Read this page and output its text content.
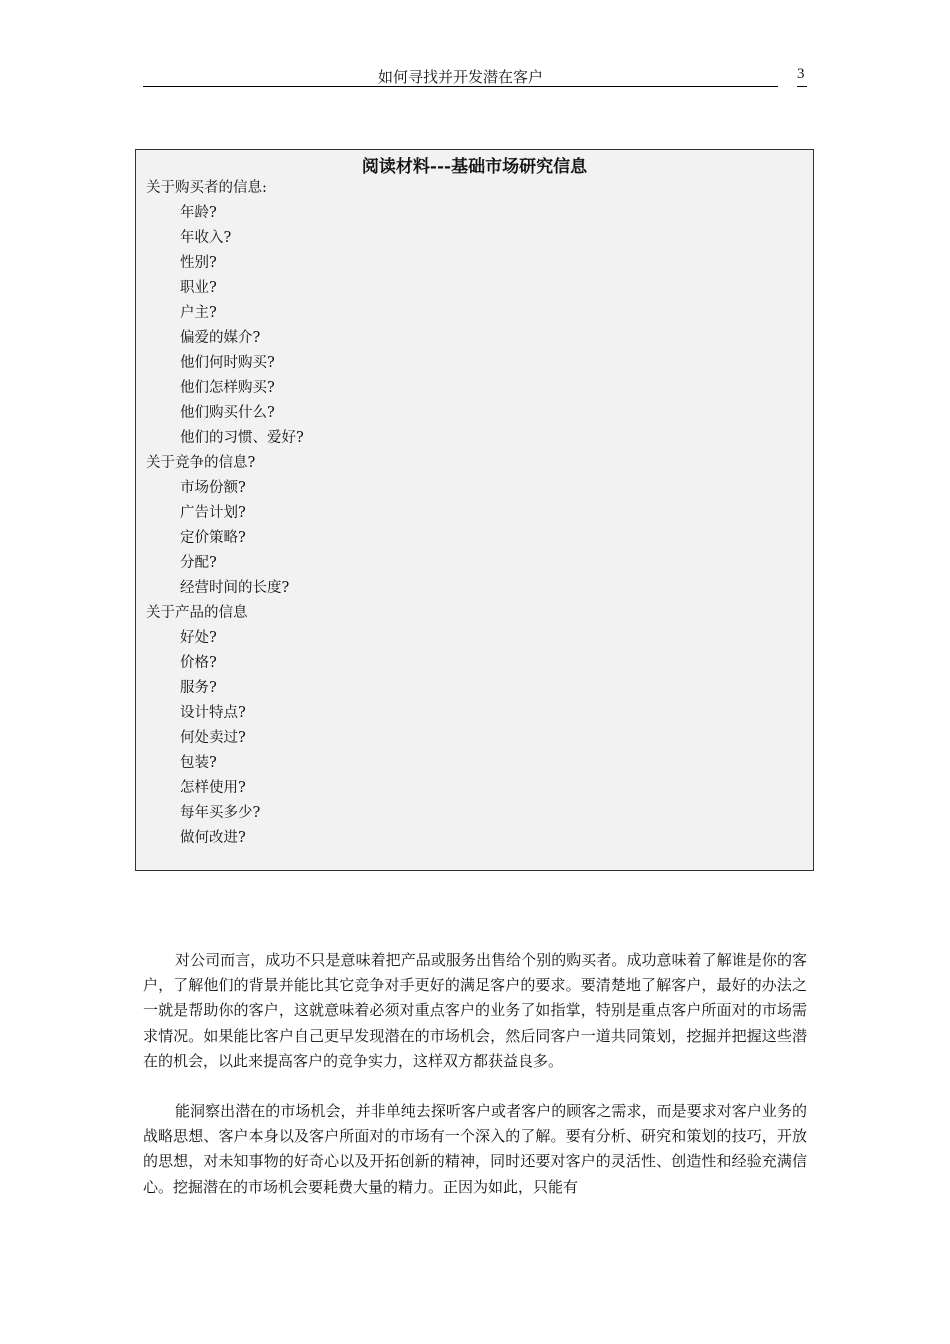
如何寻找并开发潜在客户	3
阅读材料---基础市场研究信息
关于购买者的信息:
年龄?
年收入?
性别?
职业?
户主?
偏爱的媒介?
他们何时购买?
他们怎样购买?
他们购买什么?
他们的习惯、爱好?
关于竞争的信息?
市场份额?
广告计划?
定价策略?
分配?
经营时间的长度?
关于产品的信息
好处?
价格?
服务?
设计特点?
何处卖过?
包装?
怎样使用?
每年买多少?
做何改进?

对公司而言，成功不只是意味着把产品或服务出售给个别的购买者。成功意味着了解谁是你的客户，了解他们的背景并能比其它竞争对手更好的满足客户的要求。要清楚地了解客户，最好的办法之一就是帮助你的客户，这就意味着必须对重点客户的业务了如指掌，特别是重点客户所面对的市场需求情况。如果能比客户自己更早发现潜在的市场机会，然后同客户一道共同策划，挖掘并把握这些潜在的机会，以此来提高客户的竞争实力，这样双方都获益良多。

能洞察出潜在的市场机会，并非单纯去探听客户或者客户的顾客之需求，而是要求对客户业务的战略思想、客户本身以及客户所面对的市场有一个深入的了解。要有分析、研究和策划的技巧，开放的思想，对未知事物的好奇心以及开拓创新的精神，同时还要对客户的灵活性、创造性和经验充满信心。挖掘潜在的市场机会要耗费大量的精力。正因为如此，只能有
